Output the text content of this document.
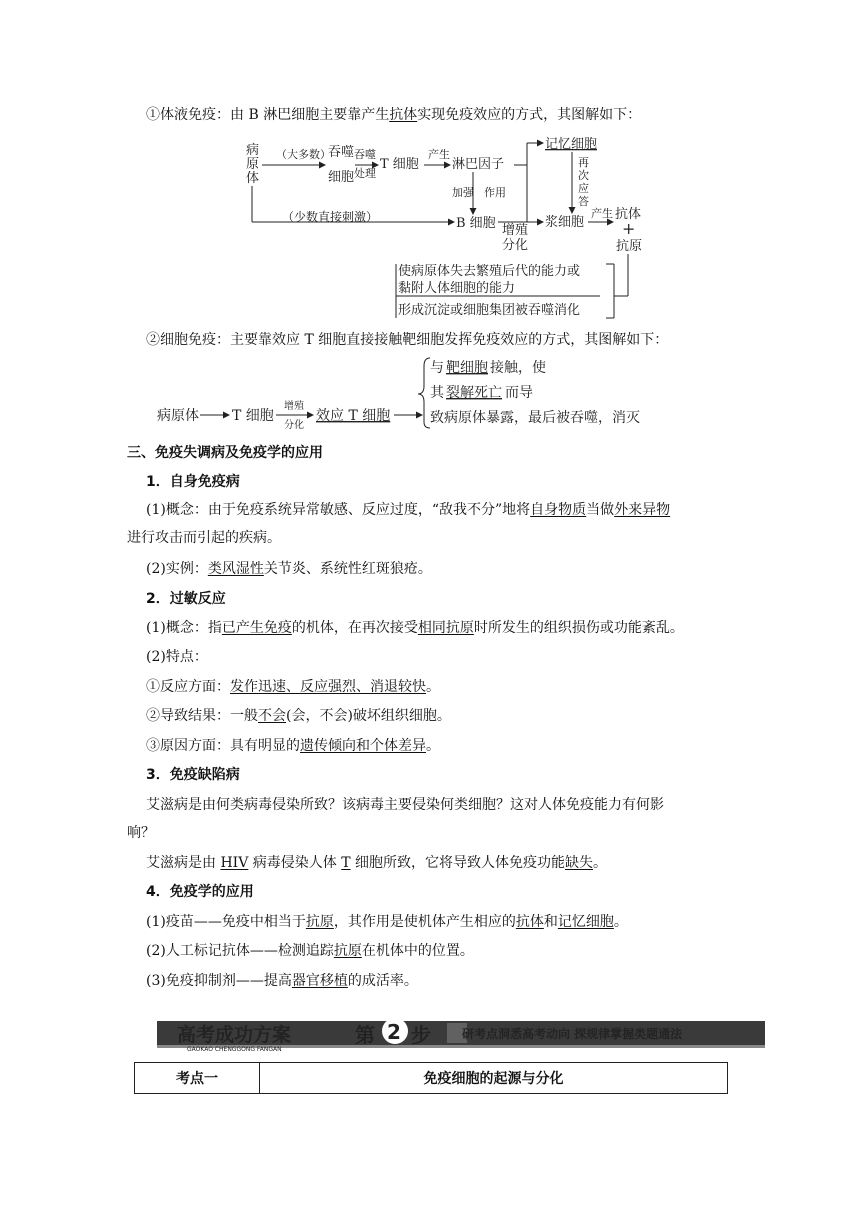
①体液免疫：由 B 淋巴细胞主要靠产生抗体实现免疫效应的方式，其图解如下：
病
原
体
（大多数）
吞噬
细胞
吞噬
处理
T 细胞
产生
淋巴因子
记忆细胞
再
次
应
答
加强 作用
（少数直接刺激）	B 细胞 增殖
分化
浆细胞
产生 抗体
+
抗原
使病原体失去繁殖后代的能力或
黏附人体细胞的能力
形成沉淀或细胞集团被吞噬消化
②细胞免疫：主要靠效应 T 细胞直接接触靶细胞发挥免疫效应的方式，其图解如下：
病原体 T 细胞
增殖
分化
效应 T 细胞
与 靶细胞 接触，使
其 裂解死亡 而导
致病原体暴露，最后被吞噬，消灭
三、免疫失调病及免疫学的应用
1．自身免疫病
(1)概念：由于免疫系统异常敏感、反应过度，“敌我不分”地将自身物质当做外来异物
进行攻击而引起的疾病。
(2)实例：类风湿性关节炎、系统性红斑狼疮。
2．过敏反应
(1)概念：指已产生免疫的机体，在再次接受相同抗原时所发生的组织损伤或功能紊乱。
(2)特点：
①反应方面：发作迅速、反应强烈、消退较快。
②导致结果：一般不会(会，不会)破坏组织细胞。
③原因方面：具有明显的遗传倾向和个体差异。
3．免疫缺陷病
艾滋病是由何类病毒侵染所致？该病毒主要侵染何类细胞？这对人体免疫能力有何影
响？
艾滋病是由 HIV 病毒侵染人体 T 细胞所致，它将导致人体免疫功能缺失。
4．免疫学的应用
(1)疫苗——免疫中相当于抗原，其作用是使机体产生相应的抗体和记忆细胞。
(2)人工标记抗体——检测追踪抗原在机体中的位置。
(3)免疫抑制剂——提高器官移植的成活率。
高考成功方案
GAOKAO CHENGGONG FANGAN
第 2 步	研考点洞悉高考动向 探规律掌握类题通法
考点一	免疫细胞的起源与分化
